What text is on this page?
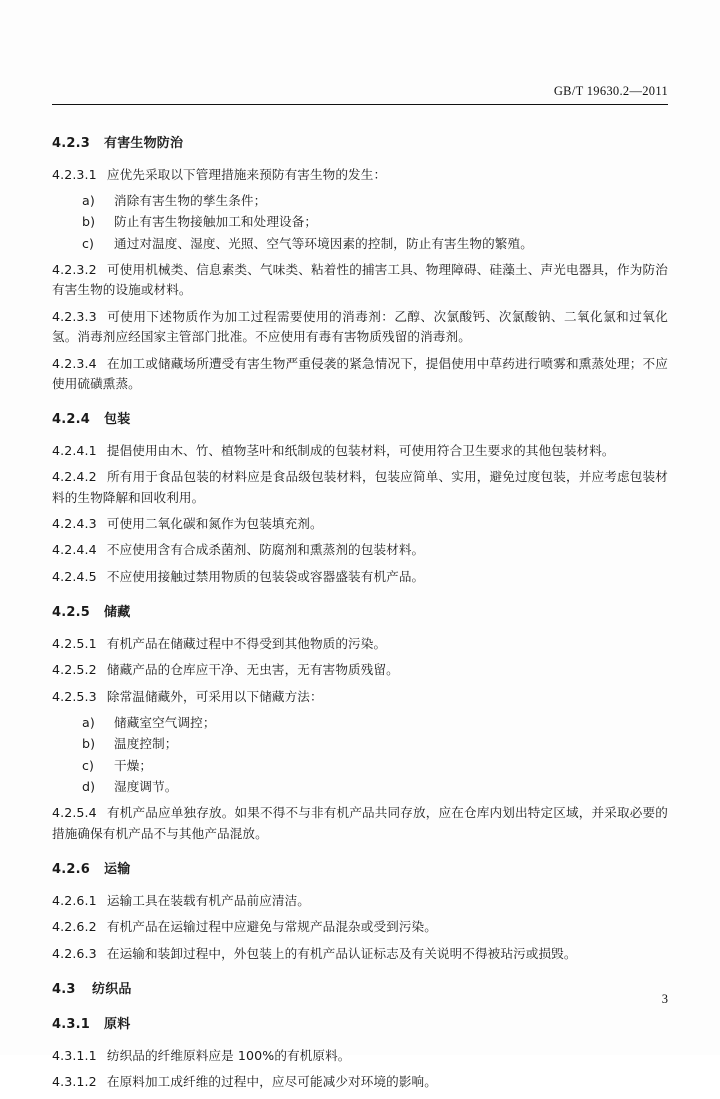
GB/T 19630.2—2011
4.2.3 有害生物防治

4.2.3.1 应优先采取以下管理措施来预防有害生物的发生：

a) 消除有害生物的孳生条件；
b) 防止有害生物接触加工和处理设备；
c) 通过对温度、湿度、光照、空气等环境因素的控制，防止有害生物的繁殖。

4.2.3.2 可使用机械类、信息素类、气味类、粘着性的捕害工具、物理障碍、硅藻土、声光电器具，作为防治有害生物的设施或材料。

4.2.3.3 可使用下述物质作为加工过程需要使用的消毒剂：乙醇、次氯酸钙、次氯酸钠、二氧化氯和过氧化氢。消毒剂应经国家主管部门批准。不应使用有毒有害物质残留的消毒剂。

4.2.3.4 在加工或储藏场所遭受有害生物严重侵袭的紧急情况下，提倡使用中草药进行喷雾和熏蒸处理；不应使用硫磺熏蒸。

4.2.4 包装

4.2.4.1 提倡使用由木、竹、植物茎叶和纸制成的包装材料，可使用符合卫生要求的其他包装材料。

4.2.4.2 所有用于食品包装的材料应是食品级包装材料，包装应简单、实用，避免过度包装，并应考虑包装材料的生物降解和回收利用。

4.2.4.3 可使用二氧化碳和氮作为包装填充剂。

4.2.4.4 不应使用含有合成杀菌剂、防腐剂和熏蒸剂的包装材料。

4.2.4.5 不应使用接触过禁用物质的包装袋或容器盛装有机产品。

4.2.5 储藏

4.2.5.1 有机产品在储藏过程中不得受到其他物质的污染。

4.2.5.2 储藏产品的仓库应干净、无虫害，无有害物质残留。

4.2.5.3 除常温储藏外，可采用以下储藏方法：

a) 储藏室空气调控；
b) 温度控制；
c) 干燥；
d) 湿度调节。

4.2.5.4 有机产品应单独存放。如果不得不与非有机产品共同存放，应在仓库内划出特定区域，并采取必要的措施确保有机产品不与其他产品混放。

4.2.6 运输

4.2.6.1 运输工具在装载有机产品前应清洁。

4.2.6.2 有机产品在运输过程中应避免与常规产品混杂或受到污染。

4.2.6.3 在运输和装卸过程中，外包装上的有机产品认证标志及有关说明不得被玷污或损毁。

4.3 纺织品
4.3.1 原料

4.3.1.1 纺织品的纤维原料应是 100%的有机原料。

4.3.1.2 在原料加工成纤维的过程中，应尽可能减少对环境的影响。

3
